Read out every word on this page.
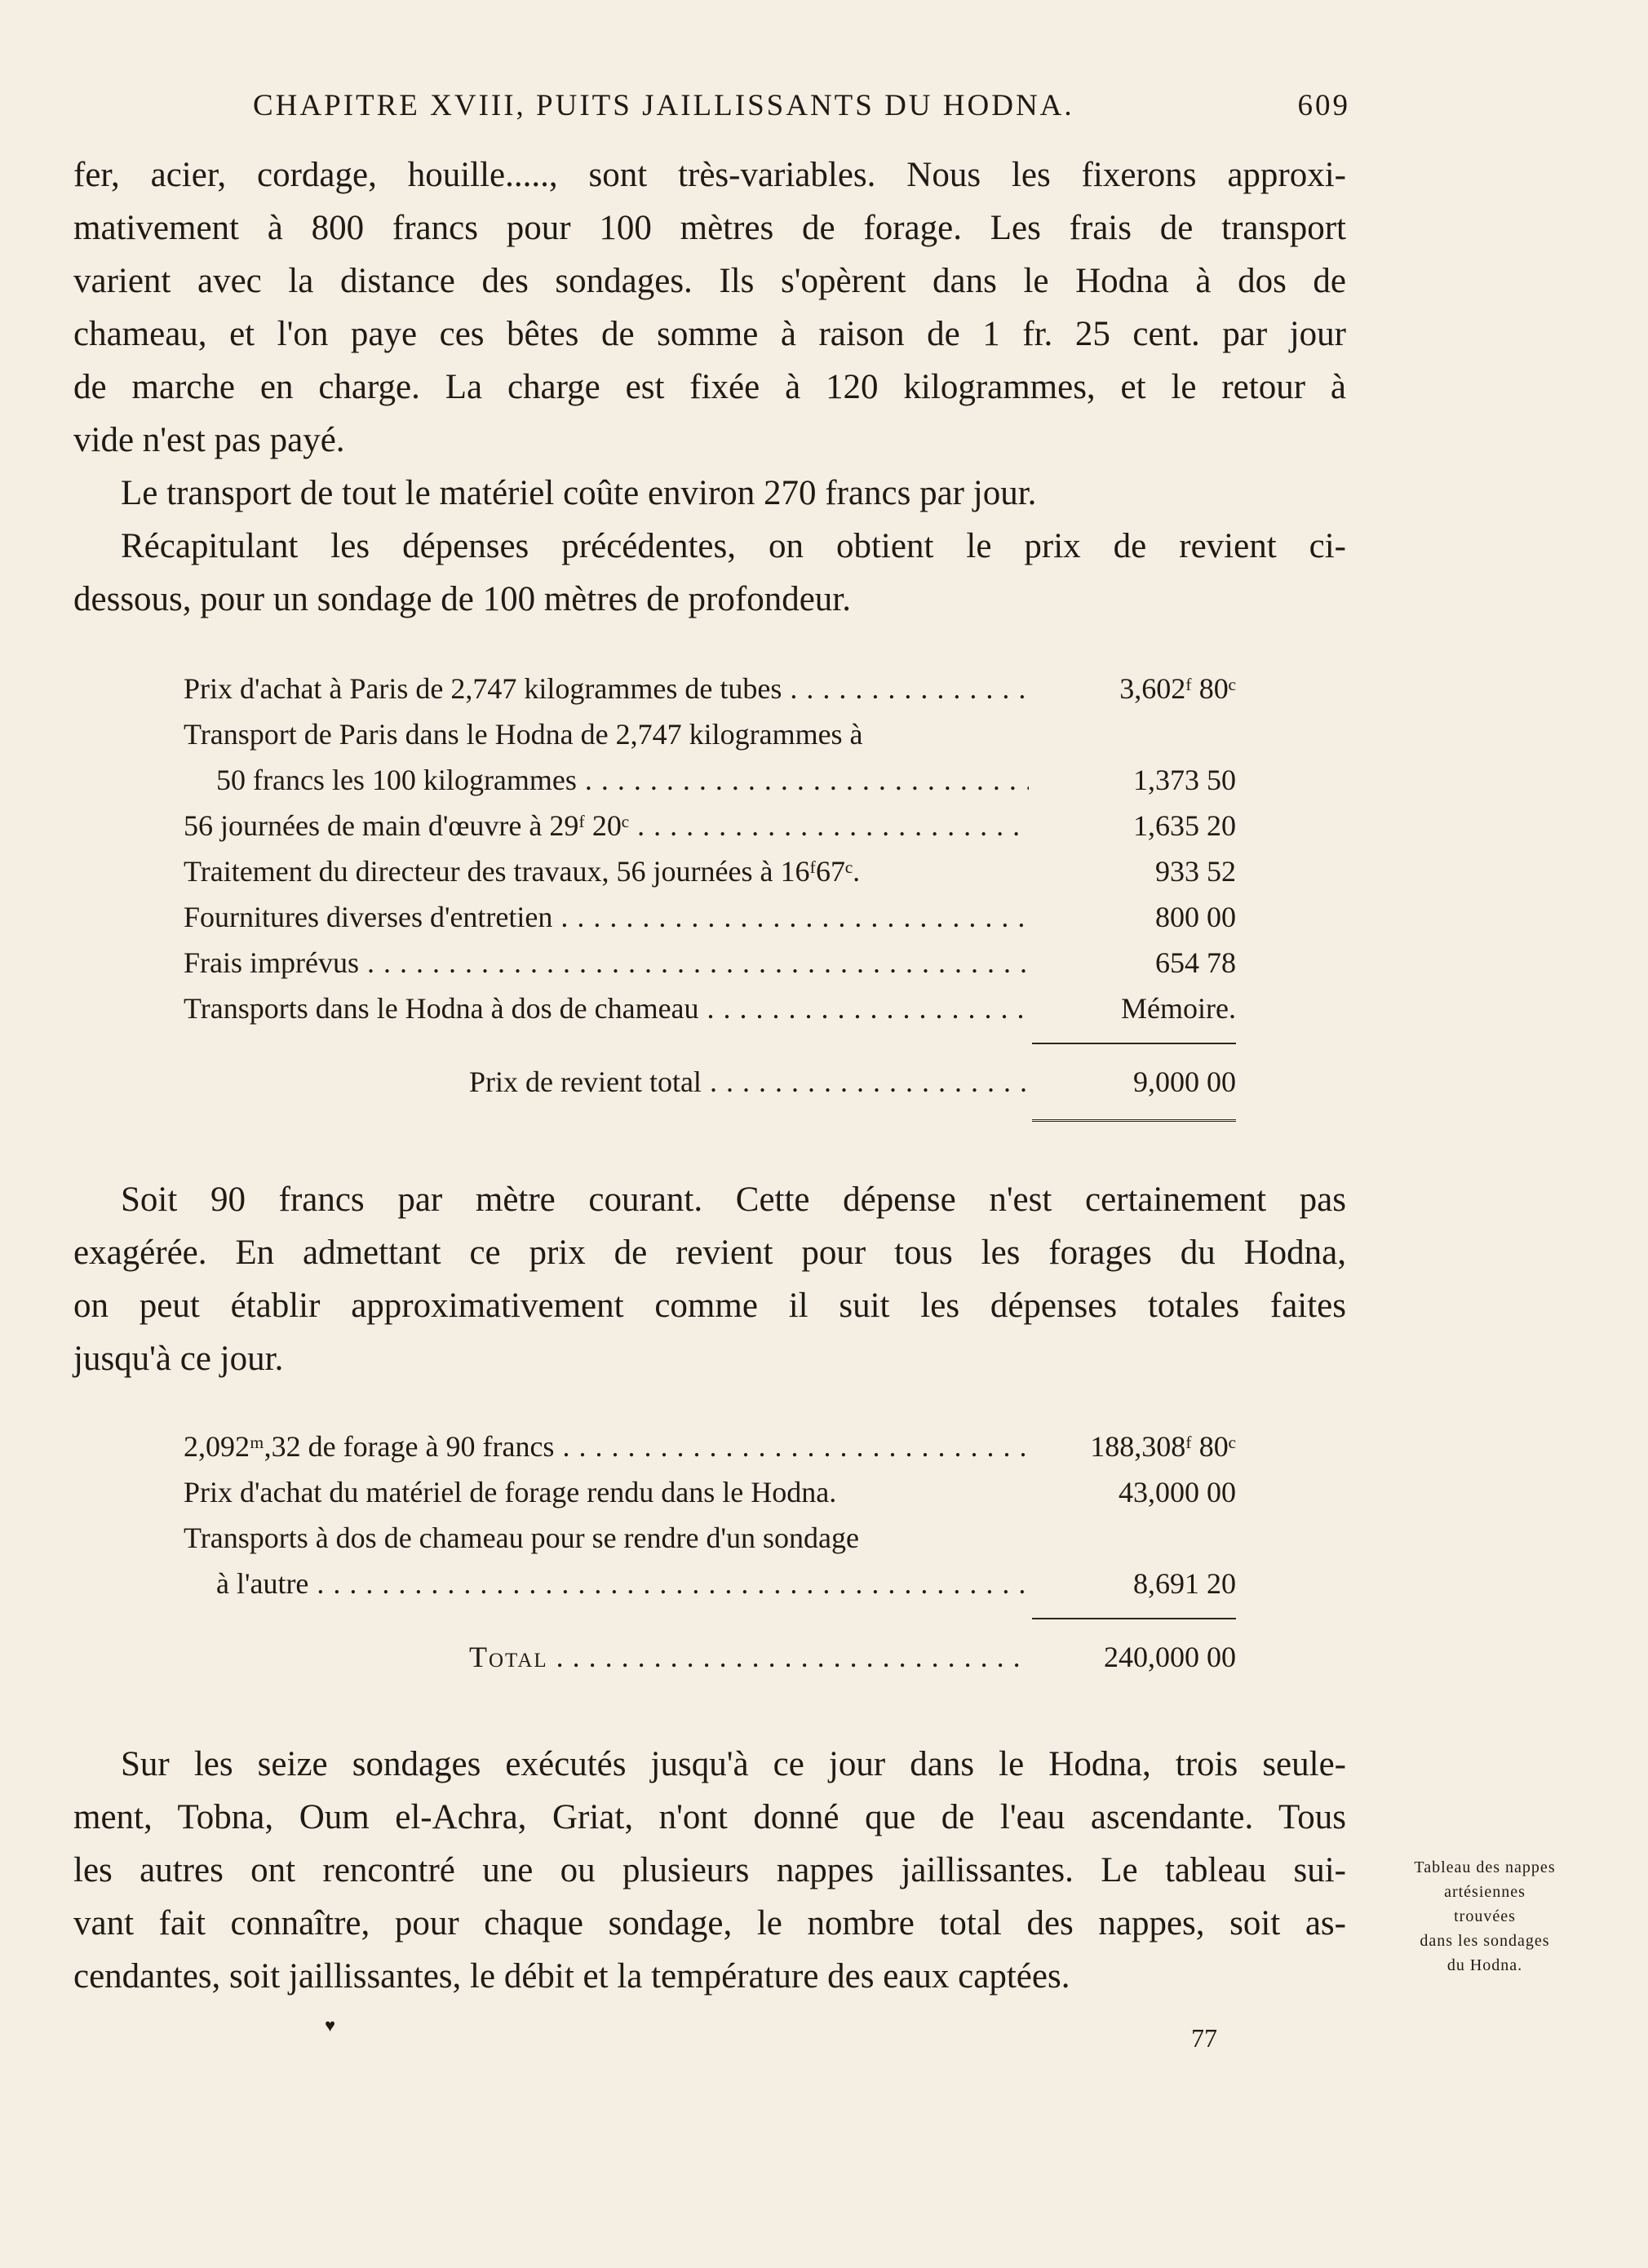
CHAPITRE XVIII, PUITS JAILLISSANTS DU HODNA.	609
fer, acier, cordage, houille....., sont très-variables. Nous les fixerons approxi-
mativement à 800 francs pour 100 mètres de forage. Les frais de transport
varient avec la distance des sondages. Ils s'opèrent dans le Hodna à dos de
chameau, et l'on paye ces bêtes de somme à raison de 1 fr. 25 cent. par jour
de marche en charge. La charge est fixée à 120 kilogrammes, et le retour à
vide n'est pas payé.
Le transport de tout le matériel coûte environ 270 francs par jour.
Récapitulant les dépenses précédentes, on obtient le prix de revient ci-
dessous, pour un sondage de 100 mètres de profondeur.
Prix d'achat à Paris de 2,747 kilogrammes de tubes . . .	3,602ᶠ 80ᶜ
Transport de Paris dans le Hodna de 2,747 kilogrammes à
50 francs les 100 kilogrammes . . .	1,373 50
56 journées de main d'œuvre à 29ᶠ 20ᶜ . . .	1,635 20
Traitement du directeur des travaux, 56 journées à 16ᶠ67ᶜ.	933 52
Fournitures diverses d'entretien . . .	800 00
Frais imprévus . . .	654 78
Transports dans le Hodna à dos de chameau . . .	Mémoire.
Prix de revient total . . .	9,000 00
Soit 90 francs par mètre courant. Cette dépense n'est certainement pas
exagérée. En admettant ce prix de revient pour tous les forages du Hodna,
on peut établir approximativement comme il suit les dépenses totales faites
jusqu'à ce jour.
2,092ᵐ,32 de forage à 90 francs . . .	188,308ᶠ 80ᶜ
Prix d'achat du matériel de forage rendu dans le Hodna.	43,000 00
Transports à dos de chameau pour se rendre d'un sondage
à l'autre . . .	8,691 20
Total . . .	240,000 00
Sur les seize sondages exécutés jusqu'à ce jour dans le Hodna, trois seule-
ment, Tobna, Oum el-Achra, Griat, n'ont donné que de l'eau ascendante. Tous
les autres ont rencontré une ou plusieurs nappes jaillissantes. Le tableau sui-
vant fait connaître, pour chaque sondage, le nombre total des nappes, soit as-
cendantes, soit jaillissantes, le débit et la température des eaux captées.
Tableau des nappes
artésiennes
trouvées
dans les sondages
du Hodna.
♥	77
